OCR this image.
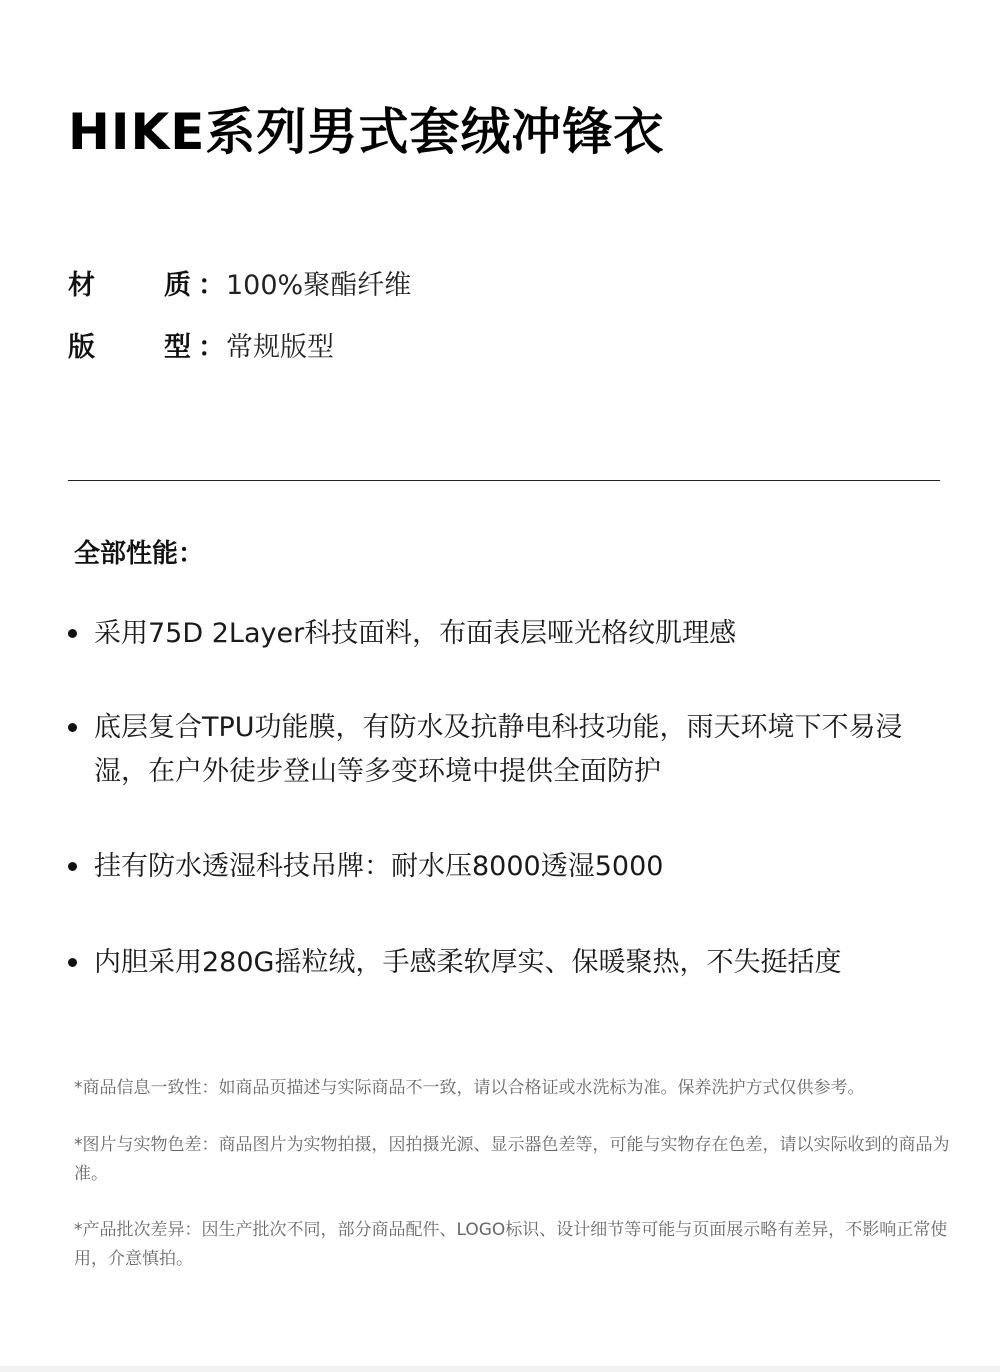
HIKE系列男式套绒冲锋衣
材	质 ：100%聚酯纤维
版	型 ：常规版型
全部性能：
采用75D 2Layer科技面料，布面表层哑光格纹肌理感
底层复合TPU功能膜，有防水及抗静电科技功能，雨天环境下不易浸湿，在户外徒步登山等多变环境中提供全面防护
挂有防水透湿科技吊牌：耐水压8000透湿5000
内胆采用280G摇粒绒，手感柔软厚实、保暖聚热，不失挺括度
*商品信息一致性：如商品页描述与实际商品不一致，请以合格证或水洗标为准。保养洗护方式仅供参考。
*图片与实物色差：商品图片为实物拍摄，因拍摄光源、显示器色差等，可能与实物存在色差，请以实际收到的商品为准。
*产品批次差异：因生产批次不同，部分商品配件、LOGO标识、设计细节等可能与页面展示略有差异，不影响正常使用，介意慎拍。
